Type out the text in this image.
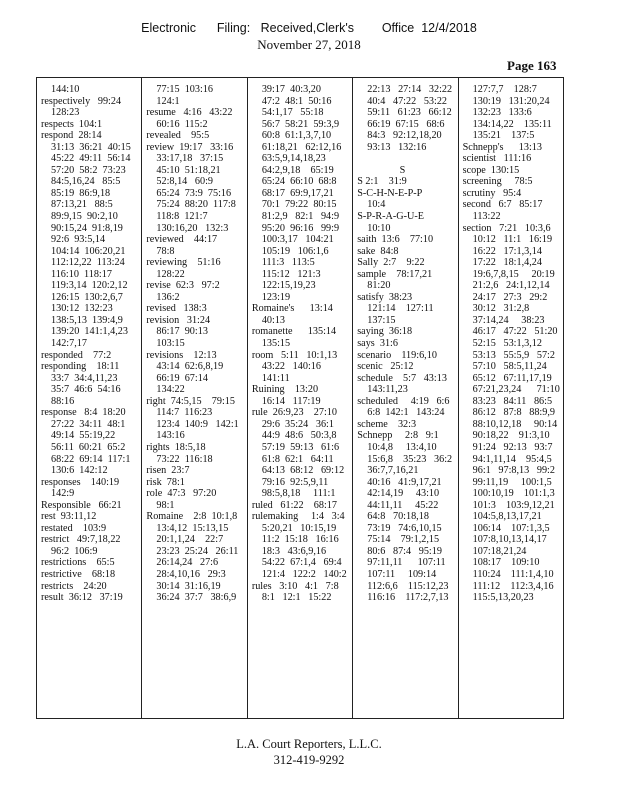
Electronic      Filing:   Received,Clerk's        Office  12/4/2018
November 27, 2018
Page 163
144:10
respectively   99:24
128:23
respects  104:1
respond  28:14
31:13  36:21  40:15
45:22  49:11  56:14
57:20  58:2  73:23
84:5,16,24   85:5
85:19  86:9,18
87:13,21   88:5
89:9,15  90:2,10
90:15,24  91:8,19
92:6  93:5,14
104:14  106:20,21
112:12,22  113:24
116:10  118:17
119:3,14  120:2,12
126:15  130:2,6,7
130:12  132:23
138:5,13  139:4,9
139:20  141:1,4,23
142:7,17
responded    77:2
responding    18:11
33:7  34:4,11,23
35:7  46:6  54:16
88:16
response   8:4  18:20
27:22  34:11  48:1
49:14  55:19,22
56:11  60:21  65:2
68:22  69:14  117:1
130:6  142:12
responses    140:19
142:9
Responsible   66:21
rest  93:11,12
restated    103:9
restrict   49:7,18,22
96:2  106:9
restrictions    65:5
restrictive    68:18
restricts    24:20
result  36:12   37:19
77:15  103:16
124:1
resume   4:16   43:22
60:16  115:2
revealed    95:5
review  19:17   33:16
33:17,18   37:15
45:10  51:18,21
52:8,14   60:9
65:24  73:9  75:16
75:24  88:20  117:8
118:8  121:7
130:16,20   132:3
reviewed    44:17
78:8
reviewing    51:16
128:22
revise  62:3   97:2
136:2
revised   138:3
revision   31:24
86:17  90:13
103:15
revisions    12:13
43:14  62:6,8,19
66:19  67:14
134:22
right  74:5,15    79:15
114:7  116:23
123:4  140:9   142:1
143:16
rights  18:5,18
73:22  116:18
risen  23:7
risk  78:1
role  47:3   97:20
98:1
Romaine    2:8  10:1,8
13:4,12  15:13,15
20:1,1,24    22:7
23:23  25:24   26:11
26:14,24   27:6
28:4,10,16   29:3
30:14  31:16,19
36:24  37:7   38:6,9
39:17  40:3,20
47:2  48:1  50:16
54:1,17   55:18
56:7  58:21  59:3,9
60:8  61:1,3,7,10
61:18,21   62:12,16
63:5,9,14,18,23
64:2,9,18    65:19
65:24  66:10  68:8
68:17  69:9,17,21
70:1  79:22  80:15
81:2,9   82:1   94:9
95:20  96:16   99:9
100:3,17   104:21
105:19   106:1,6
111:3   113:5
115:12   121:3
122:15,19,23
123:19
Romaine's      13:14
40:13
romanette      135:14
135:15
room   5:11   10:1,13
43:22   140:16
141:11
Ruining    13:20
16:14   117:19
rule  26:9,23    27:10
29:6  35:24   36:1
44:9  48:6   50:3,8
57:19  59:13   61:6
61:8  62:1   64:11
64:13  68:12   69:12
79:16  92:5,9,11
98:5,8,18     111:1
ruled   61:22    68:17
rulemaking     1:4   3:4
5:20,21   10:15,19
11:2  15:18   16:16
18:3   43:6,9,16
54:22  67:1,4   69:4
121:4   122:2   140:2
rules   3:10   4:1   7:8
8:1   12:1   15:22
22:13   27:14   32:22
40:4   47:22   53:22
59:11   61:23   66:12
66:19  67:15   68:6
84:3   92:12,18,20
93:13   132:16

S
S 2:1    31:9
S-C-H-N-E-P-P
10:4
S-P-R-A-G-U-E
10:10
saith  13:6    77:10
sake  84:8
Sally  2:7    9:22
sample    78:17,21
81:20
satisfy  38:23
121:14    127:11
137:15
saying  36:18
says  31:6
scenario    119:6,10
scenic   25:12
schedule    5:7   43:13
143:11,23
scheduled     4:19   6:6
6:8  142:1   143:24
scheme    32:3
Schnepp     2:8   9:1
10:4,8     13:4,10
15:6,8    35:23   36:2
36:7,7,16,21
40:16   41:9,17,21
42:14,19     43:10
44:11,11     45:22
64:8   70:18,18
73:19   74:6,10,15
75:14    79:1,2,15
80:6   87:4   95:19
97:11,11      107:11
107:11     109:14
112:6,6    115:12,23
116:16    117:2,7,13
127:7,7    128:7
130:19   131:20,24
132:23   133:6
134:14,22    135:11
135:21    137:5
Schnepp's      13:13
scientist   111:16
scope  130:15
screening     78:5
scrutiny   95:4
second   6:7   85:17
113:22
section   7:21   10:3,6
10:12   11:1   16:19
16:22   17:1,3,14
17:22   18:1,4,24
19:6,7,8,15     20:19
21:2,6   24:1,12,14
24:17   27:3   29:2
30:12   31:2,8
37:14,24     38:23
46:17   47:22   51:20
52:15   53:1,3,12
53:13   55:5,9   57:2
57:10   58:5,11,24
65:12   67:11,17,19
67:21,23,24      71:10
83:23   84:11   86:5
86:12   87:8   88:9,9
88:10,12,18     90:14
90:18,22    91:3,10
91:24   92:13   93:7
94:1,11,14    95:4,5
96:1   97:8,13   99:2
99:11,19     100:1,5
100:10,19    101:1,3
101:3    103:9,12,21
104:5,8,13,17,21
106:14    107:1,3,5
107:8,10,13,14,17
107:18,21,24
108:17    109:10
110:24    111:1,4,10
111:12    112:3,4,16
115:5,13,20,23
L.A. Court Reporters, L.L.C.
312-419-9292
